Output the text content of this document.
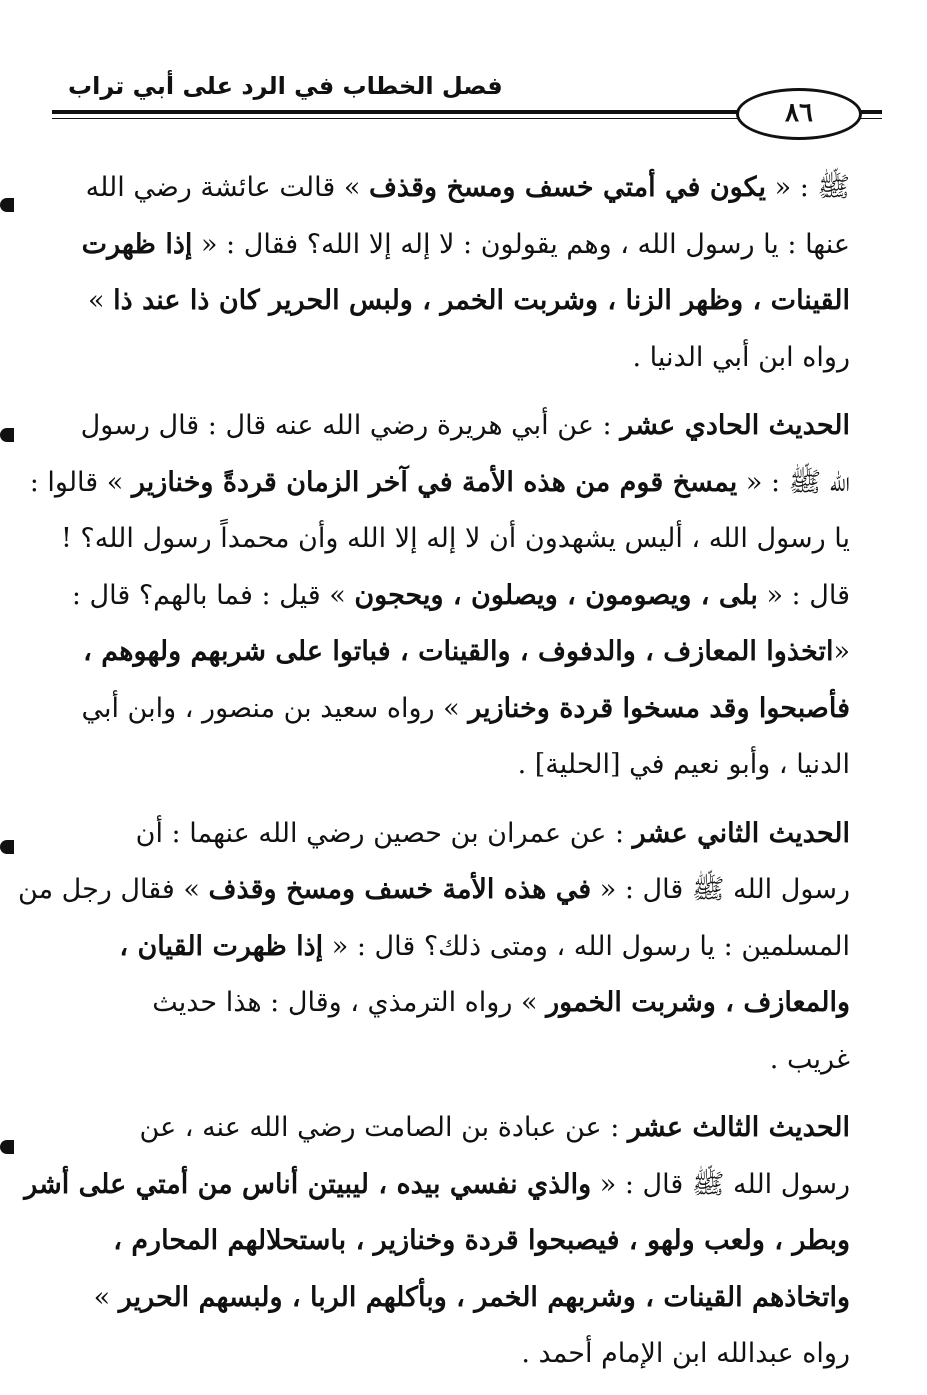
فصل الخطاب في الرد على أبي تراب
٨٦
ﷺ : « يكون في أمتي خسف ومسخ وقذف » قالت عائشة رضي الله
عنها : يا رسول الله ، وهم يقولون : لا إله إلا الله؟ فقال : « إذا ظهرت
القينات ، وظهر الزنا ، وشربت الخمر ، ولبس الحرير كان ذا عند ذا »
رواه ابن أبي الدنيا .
الحديث الحادي عشر : عن أبي هريرة رضي الله عنه قال : قال رسول
الله ﷺ : « يمسخ قوم من هذه الأمة في آخر الزمان قردةً وخنازير » قالوا :
يا رسول الله ، أليس يشهدون أن لا إله إلا الله وأن محمداً رسول الله؟ !
قال : « بلى ، ويصومون ، ويصلون ، ويحجون » قيل : فما بالهم؟ قال :
«اتخذوا المعازف ، والدفوف ، والقينات ، فباتوا على شربهم ولهوهم ،
فأصبحوا وقد مسخوا قردة وخنازير » رواه سعيد بن منصور ، وابن أبي
الدنيا ، وأبو نعيم في [الحلية] .
الحديث الثاني عشر : عن عمران بن حصين رضي الله عنهما : أن
رسول الله ﷺ قال : « في هذه الأمة خسف ومسخ وقذف » فقال رجل من
المسلمين : يا رسول الله ، ومتى ذلك؟ قال : « إذا ظهرت القيان ،
والمعازف ، وشربت الخمور » رواه الترمذي ، وقال : هذا حديث
غريب .
الحديث الثالث عشر : عن عبادة بن الصامت رضي الله عنه ، عن
رسول الله ﷺ قال : « والذي نفسي بيده ، ليبيتن أناس من أمتي على أشر
وبطر ، ولعب ولهو ، فيصبحوا قردة وخنازير ، باستحلالهم المحارم ،
واتخاذهم القينات ، وشربهم الخمر ، وبأكلهم الربا ، ولبسهم الحرير »
رواه عبدالله ابن الإمام أحمد .
